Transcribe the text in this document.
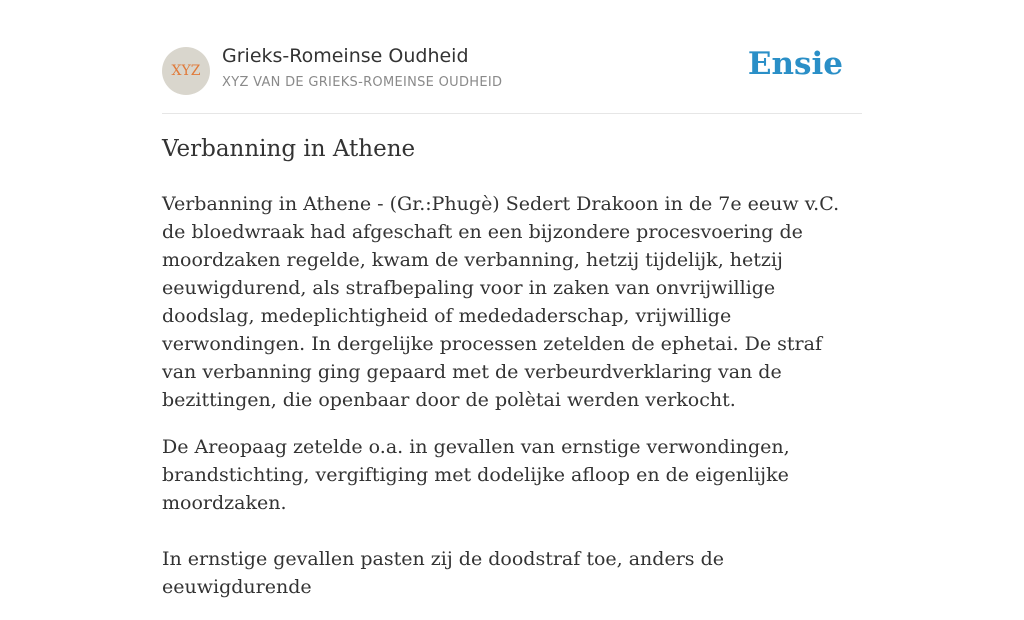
XYZ
Grieks-Romeinse Oudheid
XYZ VAN DE GRIEKS-ROMEINSE OUDHEID
Ensie
Verbanning in Athene

Verbanning in Athene - (Gr.:Phugè) Sedert Drakoon in de 7e eeuw v.C. de bloedwraak had afgeschaft en een bijzondere procesvoering de moordzaken regelde, kwam de verbanning, hetzij tijdelijk, hetzij eeuwigdurend, als strafbepaling voor in zaken van onvrijwillige doodslag, medeplichtigheid of mededaderschap, vrijwillige verwondingen. In dergelijke processen zetelden de ephetai. De straf van verbanning ging gepaard met de verbeurdverklaring van de bezittingen, die openbaar door de polètai werden verkocht.

De Areopaag zetelde o.a. in gevallen van ernstige verwondingen, brandstichting, vergiftiging met dodelijke afloop en de eigenlijke moordzaken.

In ernstige gevallen pasten zij de doodstraf toe, anders de eeuwigdurende
